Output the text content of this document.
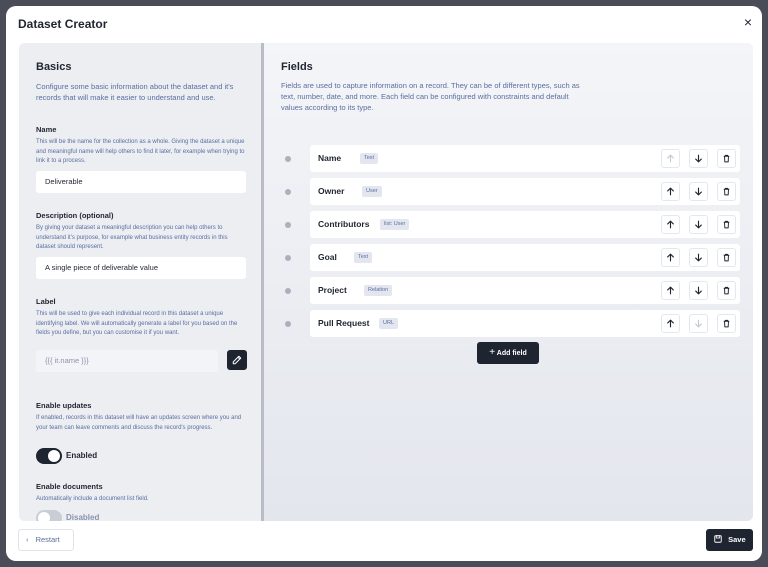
Dataset Creator	×
Basics
Configure some basic information about the dataset and it's records that will make it easier to understand and use.
Name
This will be the name for the collection as a whole. Giving the dataset a unique and meaningful name will help others to find it later, for example when trying to link it to a process.
Deliverable
Description (optional)
By giving your dataset a meaningful description you can help others to understand it's purpose, for example what business entity records in this dataset should represent.
A single piece of deliverable value
Label
This will be used to give each individual record in this dataset a unique identifying label. We will automatically generate a label for you based on the fields you define, but you can customise it if you want.
{{{ it.name }}}
Enable updates
If enabled, records in this dataset will have an updates screen where you and your team can leave comments and discuss the record's progress.
Enabled
Enable documents
Automatically include a document list field.
Disabled
Fields
Fields are used to capture information on a record. They can be of different types, such as text, number, date, and more. Each field can be configured with constraints and default values according to its type.
Name	Text
Owner	User
Contributors	list: User
Goal	Text
Project	Relation
Pull Request	URL
+ Add field
‹ Restart	Save
